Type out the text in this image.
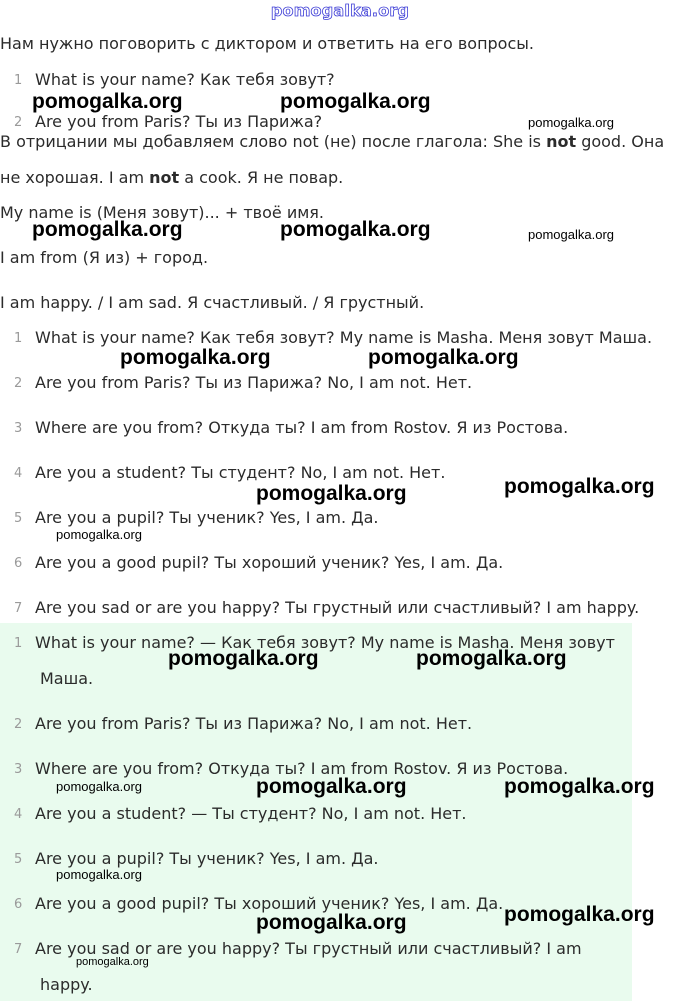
pomogalka.org

Нам нужно поговорить с диктором и ответить на его вопросы.

1 What is your name? Как тебя зовут?
2 Are you from Paris? Ты из Парижа?

В отрицании мы добавляем слово not (не) после глагола: She is not good. Она

не хорошая. I am not a cook. Я не повар.

My name is (Меня зовут)... + твоё имя.

I am from (Я из) + город.

I am happy. / I am sad. Я счастливый. / Я грустный.

1 What is your name? Как тебя зовут? My name is Masha. Меня зовут Маша.
2 Are you from Paris? Ты из Парижа? No, I am not. Нет.
3 Where are you from? Откуда ты? I am from Rostov. Я из Ростова.
4 Are you a student? Ты студент? No, I am not. Нет.
5 Are you a pupil? Ты ученик? Yes, I am. Да.
6 Are you a good pupil? Ты хороший ученик? Yes, I am. Да.
7 Are you sad or are you happy? Ты грустный или счастливый? I am happy.
1 What is your name? — Как тебя зовут? My name is Masha. Меня зовут
Маша.
2 Are you from Paris? Ты из Парижа? No, I am not. Нет.
3 Where are you from? Откуда ты? I am from Rostov. Я из Ростова.
4 Are you a student? — Ты студент? No, I am not. Нет.
5 Are you a pupil? Ты ученик? Yes, I am. Да.
6 Are you a good pupil? Ты хороший ученик? Yes, I am. Да.
7 Are you sad or are you happy? Ты грустный или счастливый? I am
happy.
pomogalka.org	pomogalka.org
pomogalka.org
pomogalka.org	pomogalka.org	pomogalka.org
pomogalka.org	pomogalka.org
pomogalka.org	pomogalka.org
pomogalka.org
pomogalka.org	pomogalka.org
pomogalka.org	pomogalka.org	pomogalka.org
pomogalka.org
pomogalka.org	pomogalka.org
pomogalka.org
